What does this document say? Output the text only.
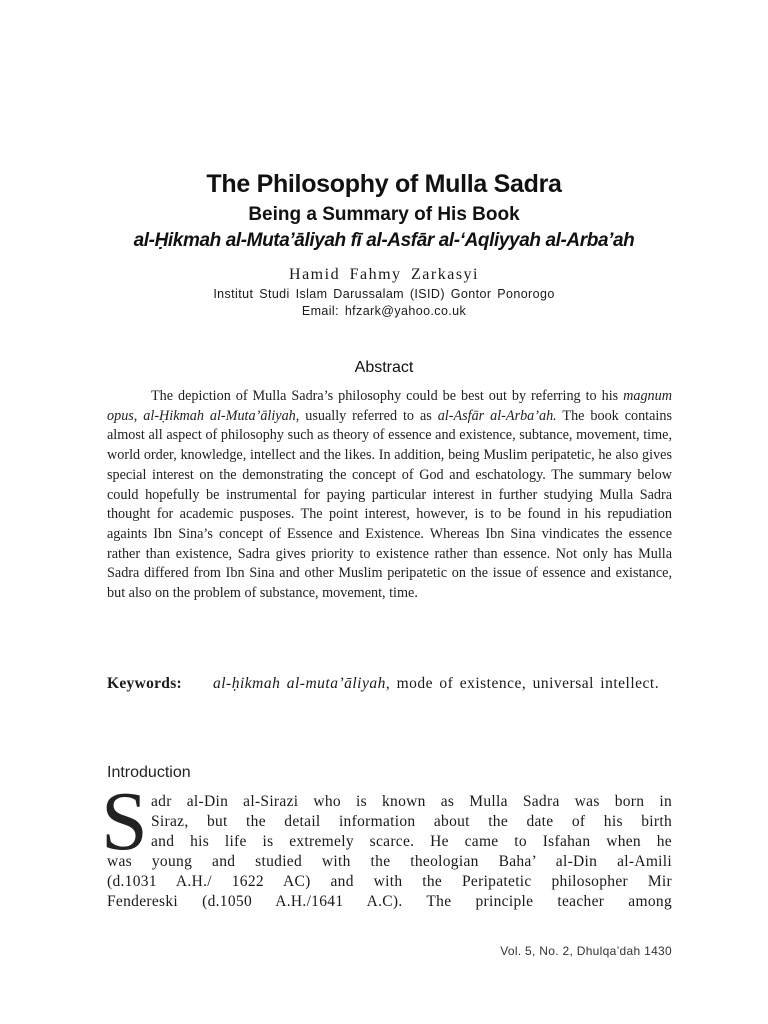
The Philosophy of Mulla Sadra
Being a Summary of His Book
al-Ḥikmah al-Muta’āliyah fī al-Asfār al-‘Aqliyyah al-Arba’ah
Hamid Fahmy Zarkasyi
Institut Studi Islam Darussalam (ISID) Gontor Ponorogo
Email: hfzark@yahoo.co.uk
Abstract

The depiction of Mulla Sadra’s philosophy could be best out by referring to his magnum opus, al-Ḥikmah al-Muta’āliyah, usually referred to as al-Asfār al-Arba’ah. The book contains almost all aspect of philosophy such as theory of essence and existence, subtance, movement, time, world order, knowledge, intellect and the likes. In addition, being Muslim peripatetic, he also gives special interest on the demonstrating the concept of God and eschatology. The summary below could hopefully be instrumental for paying particular interest in further studying Mulla Sadra thought for academic pusposes. The point interest, however, is to be found in his repudiation againts Ibn Sina’s concept of Essence and Existence. Whereas Ibn Sina vindicates the essence rather than existence, Sadra gives priority to existence rather than essence. Not only has Mulla Sadra differed from Ibn Sina and other Muslim peripatetic on the issue of essence and existance, but also on the problem of substance, movement, time.

Keywords:	al-ḥikmah al-muta’āliyah, mode of existence, universal intellect.
Introduction
S adr al-Din al-Sirazi who is known as Mulla Sadra was born in
Siraz, but the detail information about the date of his birth
and his life is extremely scarce. He came to Isfahan when he
was young and studied with the theologian Baha’ al-Din al-Amili
(d.1031 A.H./ 1622 AC) and with the Peripatetic philosopher Mir
Fendereski (d.1050 A.H./1641 A.C). The principle teacher among
Vol. 5, No. 2, Dhulqa’dah 1430
